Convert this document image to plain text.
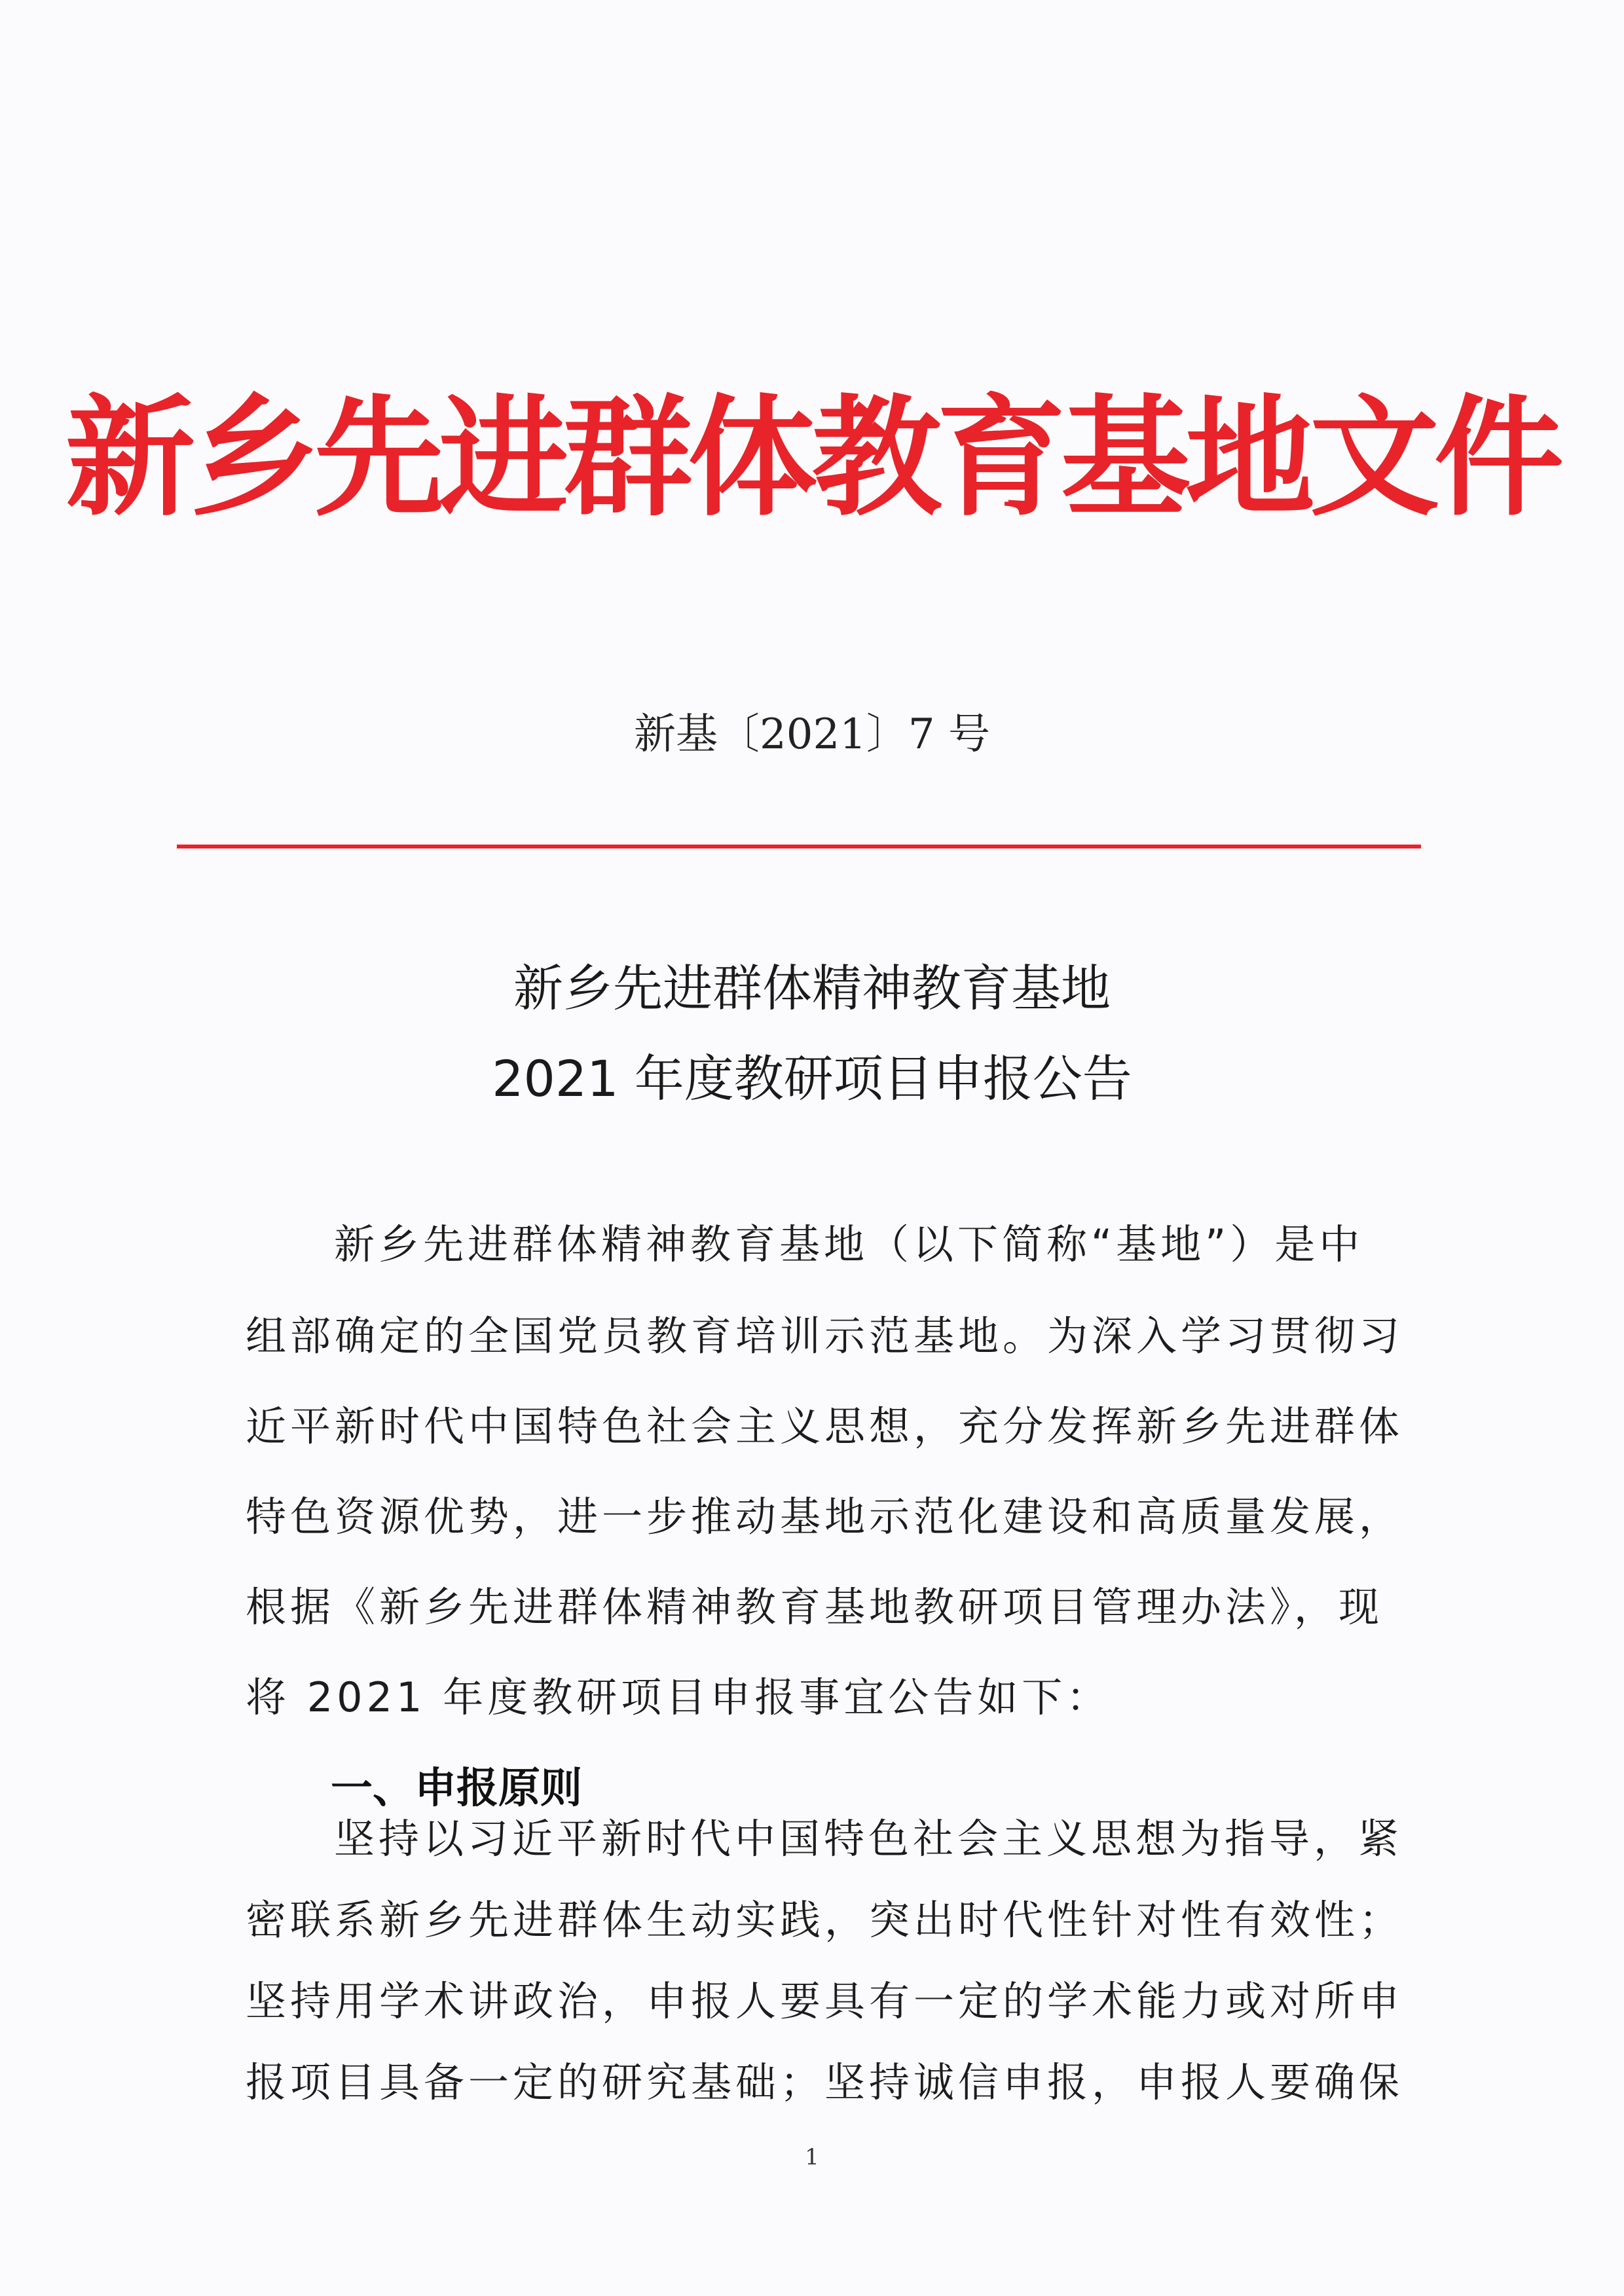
新乡先进群体教育基地文件
新基〔2021〕7 号
新乡先进群体精神教育基地
2021 年度教研项目申报公告
新乡先进群体精神教育基地（以下简称“基地”）是中
组部确定的全国党员教育培训示范基地。为深入学习贯彻习
近平新时代中国特色社会主义思想，充分发挥新乡先进群体
特色资源优势，进一步推动基地示范化建设和高质量发展，
根据《新乡先进群体精神教育基地教研项目管理办法》，现
将 2021 年度教研项目申报事宜公告如下：
一、申报原则
坚持以习近平新时代中国特色社会主义思想为指导，紧
密联系新乡先进群体生动实践，突出时代性针对性有效性；
坚持用学术讲政治，申报人要具有一定的学术能力或对所申
1
报项目具备一定的研究基础；坚持诚信申报，申报人要确保
